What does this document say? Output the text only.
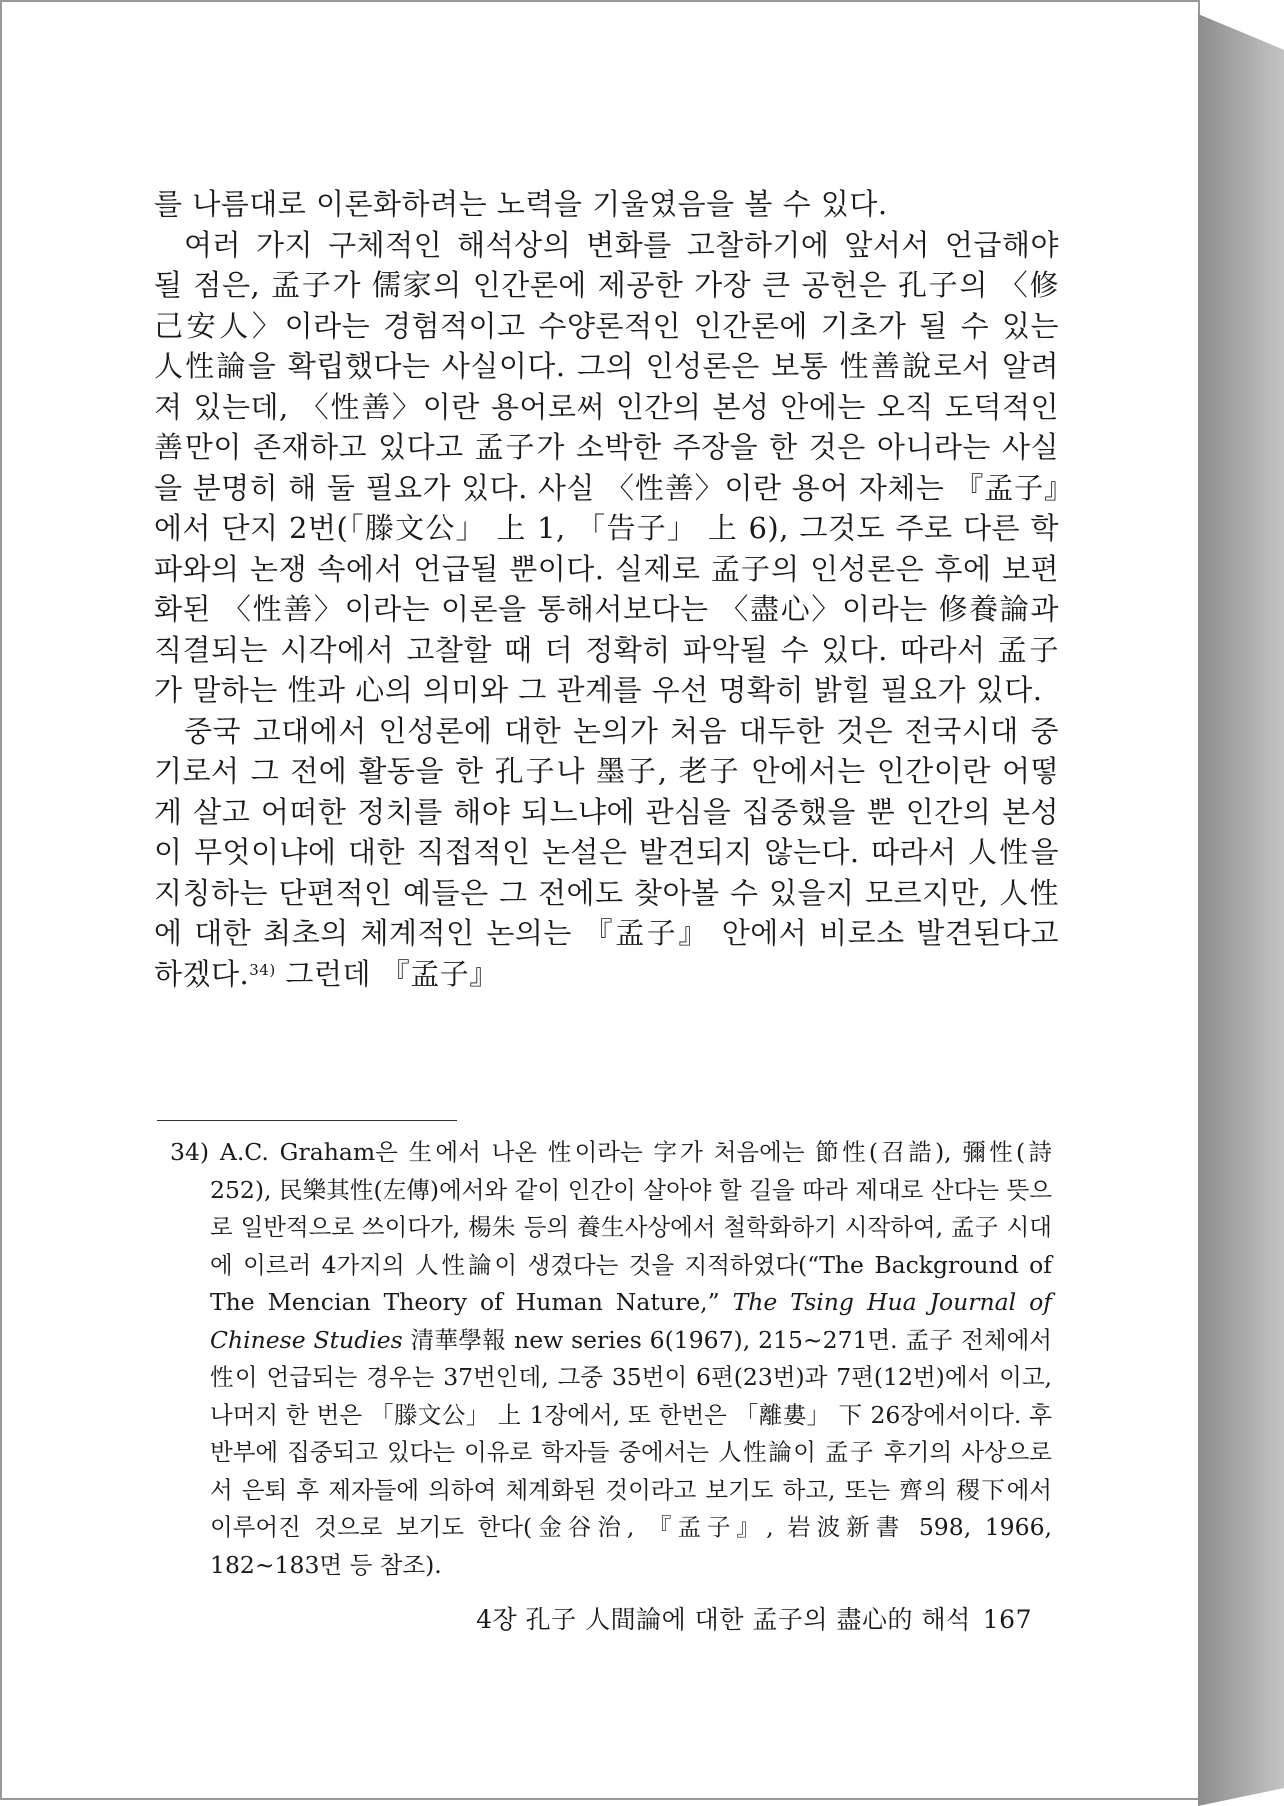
를 나름대로 이론화하려는 노력을 기울였음을 볼 수 있다.

여러 가지 구체적인 해석상의 변화를 고찰하기에 앞서서 언급해야 될 점은, 孟子가 儒家의 인간론에 제공한 가장 큰 공헌은 孔子의 〈修己安人〉이라는 경험적이고 수양론적인 인간론에 기초가 될 수 있는 人性論을 확립했다는 사실이다. 그의 인성론은 보통 性善說로서 알려져 있는데, 〈性善〉이란 용어로써 인간의 본성 안에는 오직 도덕적인 善만이 존재하고 있다고 孟子가 소박한 주장을 한 것은 아니라는 사실을 분명히 해 둘 필요가 있다. 사실 〈性善〉이란 용어 자체는 『孟子』에서 단지 2번(「滕文公」 上 1, 「告子」 上 6), 그것도 주로 다른 학파와의 논쟁 속에서 언급될 뿐이다. 실제로 孟子의 인성론은 후에 보편화된 〈性善〉이라는 이론을 통해서보다는 〈盡心〉이라는 修養論과 직결되는 시각에서 고찰할 때 더 정확히 파악될 수 있다. 따라서 孟子가 말하는 性과 心의 의미와 그 관계를 우선 명확히 밝힐 필요가 있다.

중국 고대에서 인성론에 대한 논의가 처음 대두한 것은 전국시대 중기로서 그 전에 활동을 한 孔子나 墨子, 老子 안에서는 인간이란 어떻게 살고 어떠한 정치를 해야 되느냐에 관심을 집중했을 뿐 인간의 본성이 무엇이냐에 대한 직접적인 논설은 발견되지 않는다. 따라서 人性을 지칭하는 단편적인 예들은 그 전에도 찾아볼 수 있을지 모르지만, 人性에 대한 최초의 체계적인 논의는 『孟子』 안에서 비로소 발견된다고 하겠다.$^{34)}$ 그런데 『孟子』

34) A.C. Graham은 生에서 나온 性이라는 字가 처음에는 節性(召誥), 彌性(詩 252), 民樂其性(左傳)에서와 같이 인간이 살아야 할 길을 따라 제대로 산다는 뜻으로 일반적으로 쓰이다가, 楊朱 등의 養生사상에서 철학화하기 시작하여, 孟子 시대에 이르러 4가지의 人性論이 생겼다는 것을 지적하였다(“The Background of The Mencian Theory of Human Nature,” The Tsing Hua Journal of Chinese Studies 清華學報 new series 6(1967), 215~271면. 孟子 전체에서 性이 언급되는 경우는 37번인데, 그중 35번이 6편(23번)과 7편(12번)에서 이고, 나머지 한 번은 「滕文公」 上 1장에서, 또 한번은 「離婁」 下 26장에서이다. 후반부에 집중되고 있다는 이유로 학자들 중에서는 人性論이 孟子 후기의 사상으로서 은퇴 후 제자들에 의하여 체계화된 것이라고 보기도 하고, 또는 齊의 稷下에서 이루어진 것으로 보기도 한다(金谷治, 『孟子』, 岩波新書 598, 1966, 182~183면 등 참조).

4장 孔子 人間論에 대한 孟子의 盡心的 해석 167
